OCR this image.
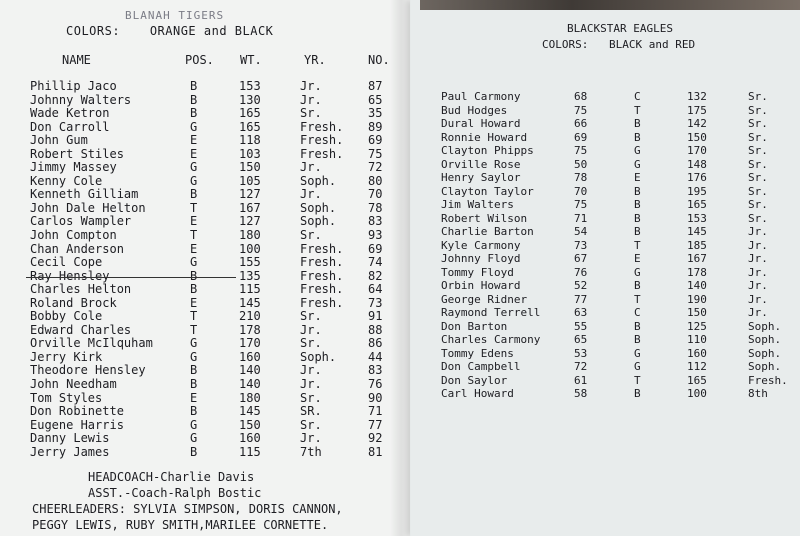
BLANAH TIGERS
COLORS: ORANGE and BLACK
NAME	POS. WT.	YR.	NO.
Phillip Jaco	B	153	Jr.	87
Johnny Walters	B	130	Jr.	65
Wade Ketron	B	165	Sr.	35
Don Carroll	G	165	Fresh. 89
John Gum	E	118	Fresh. 69
Robert Stiles	E	103	Fresh. 75
Jimmy Massey	G	150	Jr.	72
Kenny Cole	G	105	Soph.	80
Kenneth Gilliam	B	127	Jr.	70
John Dale Helton	T	167	Soph.	78
Carlos Wampler	E	127	Soph.	83
John Compton	T	180	Sr.	93
Chan Anderson	E	100	Fresh. 69
Cecil Cope	G	155	Fresh. 74
Ray Hensley	B	135	Fresh. 82
Charles Helton	B	115	Fresh. 64
Roland Brock	E	145	Fresh. 73
Bobby Cole	T	210	Sr.	91
Edward Charles	T	178	Jr.	88
Orville McIlquham	G	170	Sr.	86
Jerry Kirk	G	160	Soph.	44
Theodore Hensley	B	140	Jr.	83
John Needham	B	140	Jr.	76
Tom Styles	E	180	Sr.	90
Don Robinette	B	145	SR.	71
Eugene Harris	G	150	Sr.	77
Danny Lewis	G	160	Jr.	92
Jerry James	B	115	7th	81
HEADCOACH-Charlie Davis
ASST.-Coach-Ralph Bostic
CHEERLEADERS: SYLVIA SIMPSON, DORIS CANNON,
PEGGY LEWIS, RUBY SMITH,MARILEE CORNETTE.
BLACKSTAR EAGLES
COLORS: BLACK and RED
Paul Carmony	68	C	132	Sr.
Bud Hodges	75	T	175	Sr.
Dural Howard	66	B	142	Sr.
Ronnie Howard	69	B	150	Sr.
Clayton Phipps	75	G	170	Sr.
Orville Rose	50	G	148	Sr.
Henry Saylor	78	E	176	Sr.
Clayton Taylor	70	B	195	Sr.
Jim Walters	75	B	165	Sr.
Robert Wilson	71	B	153	Sr.
Charlie Barton	54	B	145	Jr.
Kyle Carmony	73	T	185	Jr.
Johnny Floyd	67	E	167	Jr.
Tommy Floyd	76	G	178	Jr.
Orbin Howard	52	B	140	Jr.
George Ridner	77	T	190	Jr.
Raymond Terrell	63	C	150	Jr.
Don Barton	55	B	125	Soph.
Charles Carmony	65	B	110	Soph.
Tommy Edens	53	G	160	Soph.
Don Campbell	72	G	112	Soph.
Don Saylor	61	T	165	Fresh.
Carl Howard	58	B	100	8th
